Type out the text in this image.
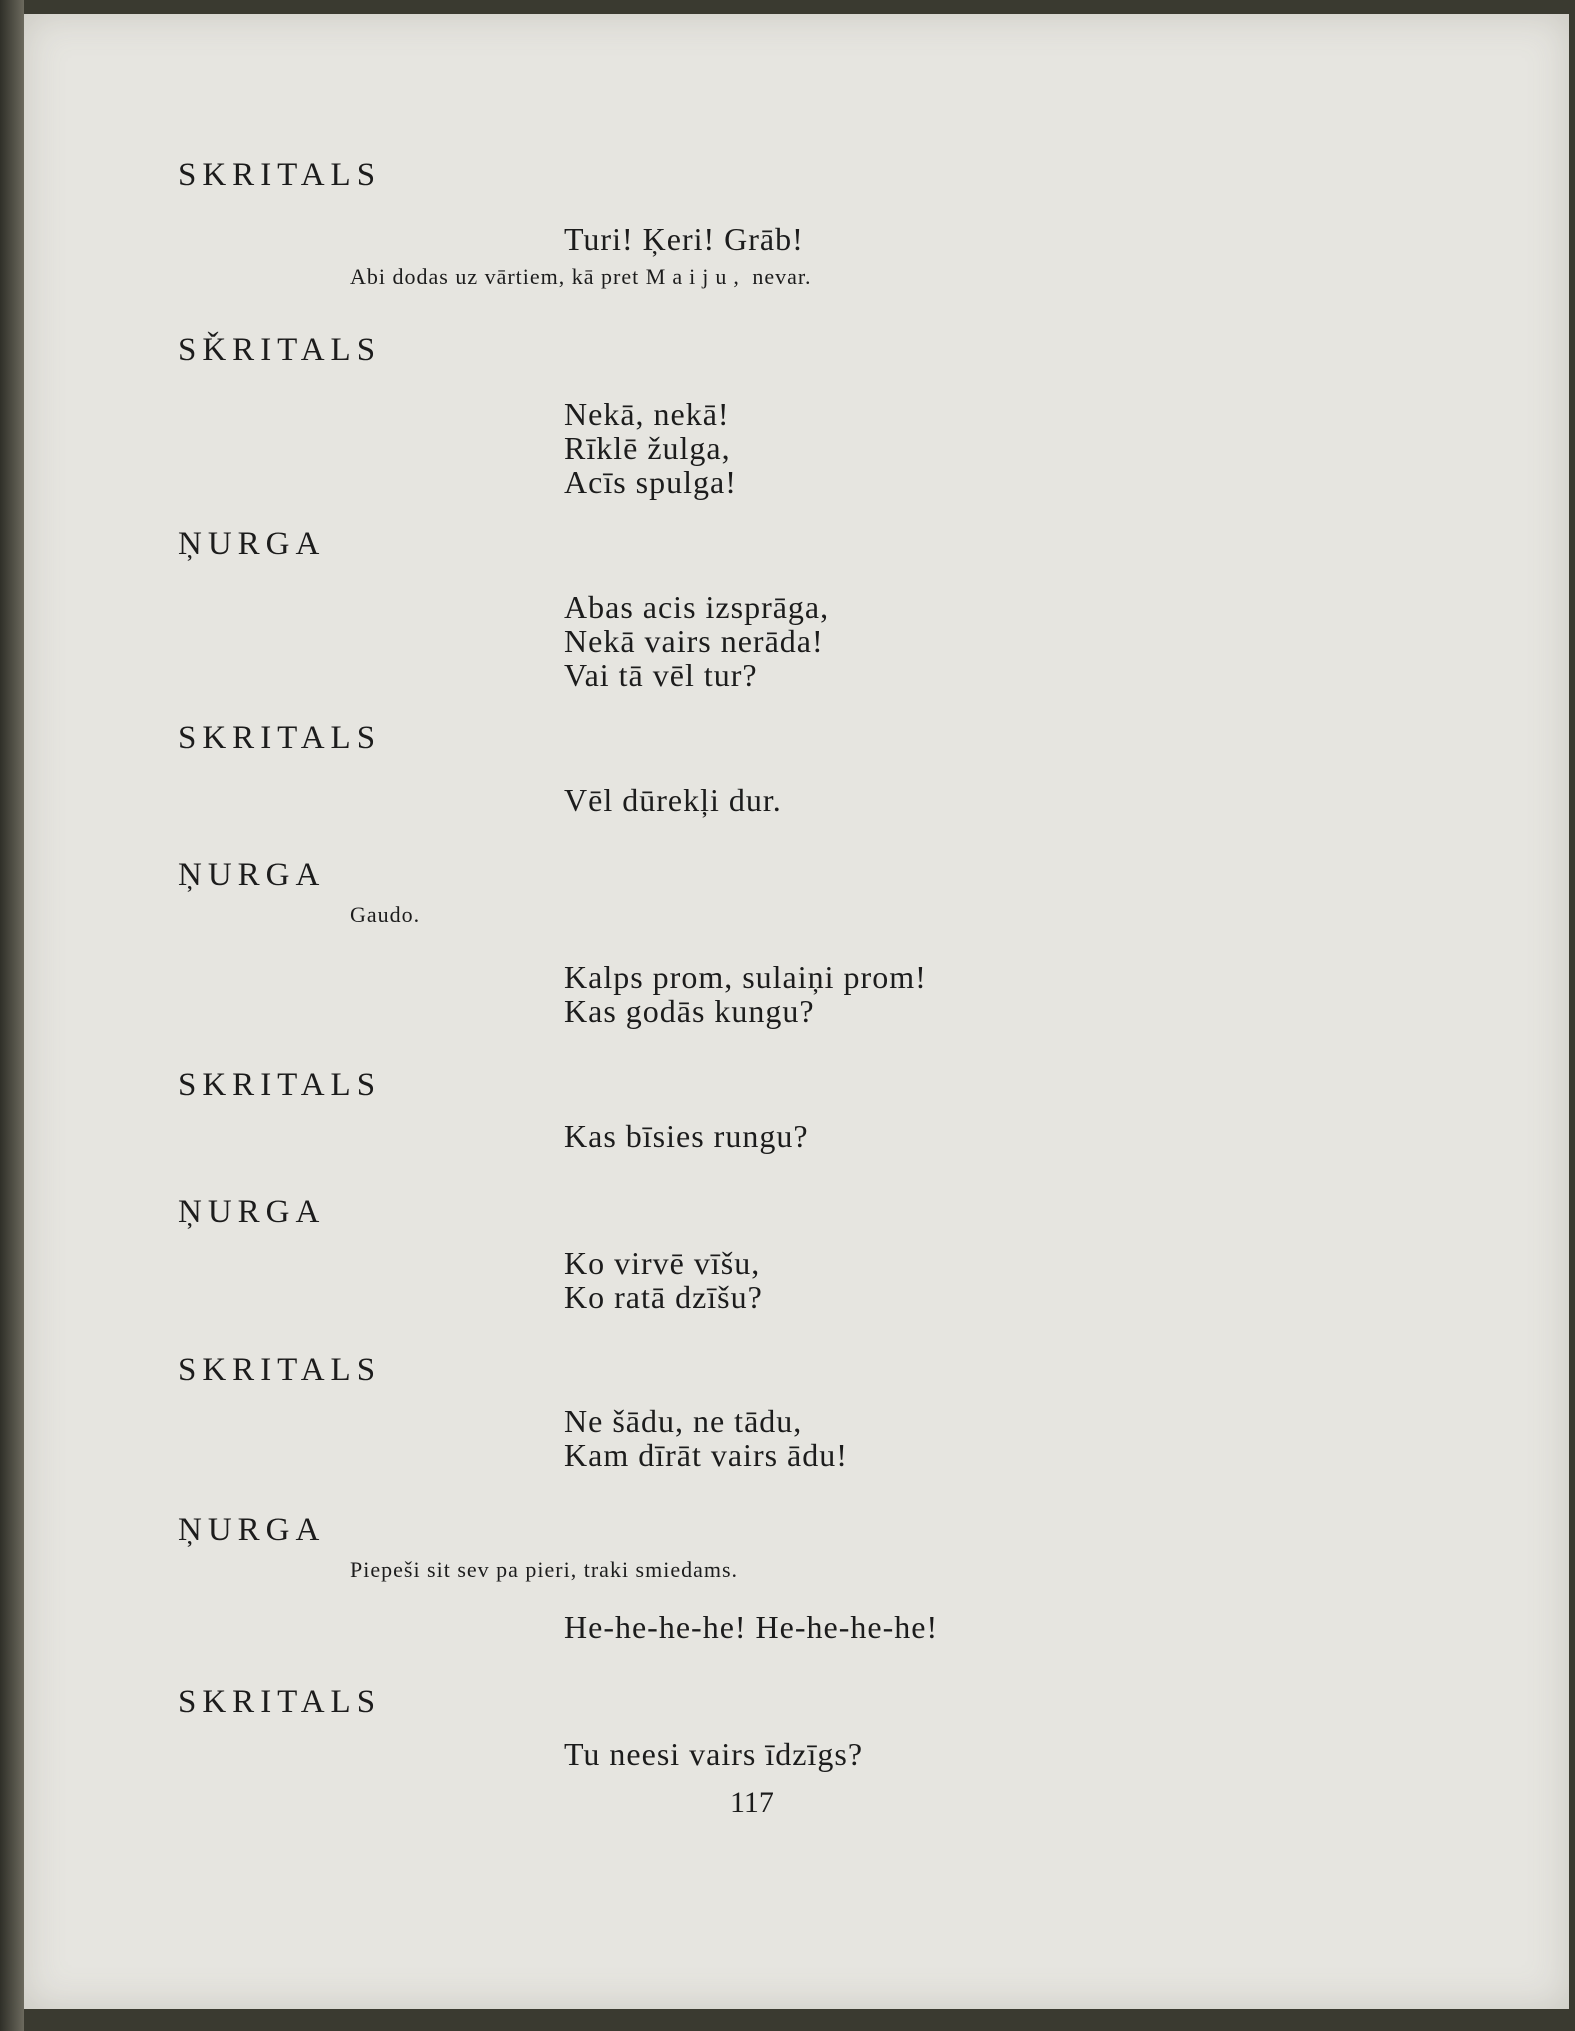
SKRITALS
Turi! Ķeri! Grāb!
Abi dodas uz vārtiem, kā pret Maiju, nevar.
SǨRITALS
Nekā, nekā!
Rīklē žulga,
Acīs spulga!
ŅURGA
Abas acis izsprāga,
Nekā vairs nerāda!
Vai tā vēl tur?
SKRITALS
Vēl dūrekļi dur.
ŅURGA
Gaudo.
Kalps prom, sulaiņi prom!
Kas godās kungu?
SKRITALS
Kas bīsies rungu?
ŅURGA
Ko virvē vīšu,
Ko ratā dzīšu?
SKRITALS
Ne šādu, ne tādu,
Kam dīrāt vairs ādu!
ŅURGA
Piepeši sit sev pa pieri, traki smiedams.
He-he-he-he! He-he-he-he!
SKRITALS
Tu neesi vairs īdzīgs?
117
